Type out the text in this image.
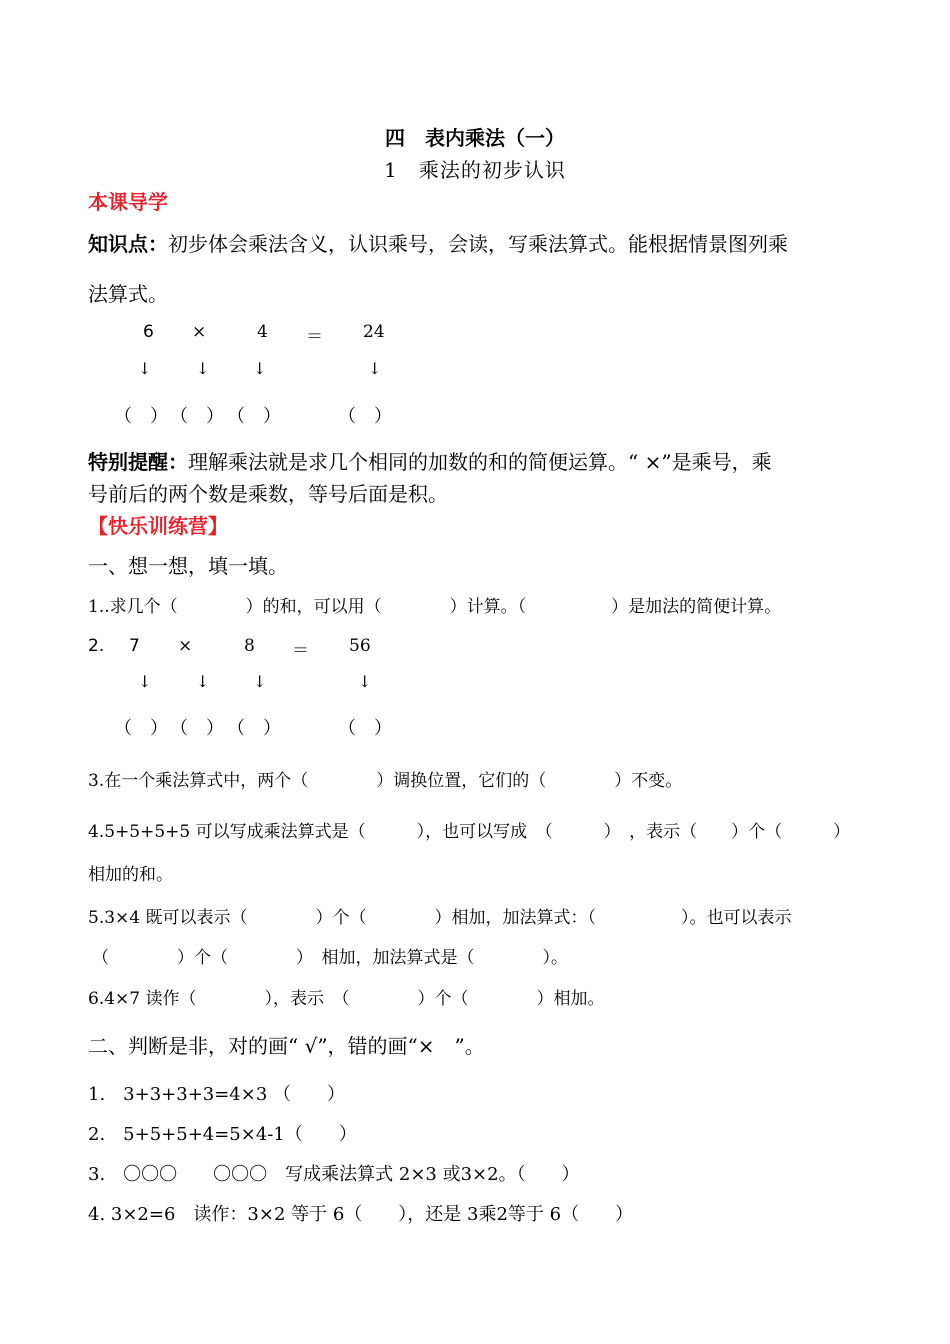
四　表内乘法（一）
1　乘法的初步认识
本课导学
知识点：初步体会乘法含义，认识乘号，会读，写乘法算式。能根据情景图列乘
法算式。
6 ×	4 ＝ 24
↓	↓	↓	↓
（　） （　） （　）	（　）
特别提醒：理解乘法就是求几个相同的加数的和的简便运算。“ ×”是乘号，乘
号前后的两个数是乘数，等号后面是积。
【快乐训练营】
一、想一想，填一填。
1..求几个（　　　　）的和，可以用（　　　　）计算。（　　　　　）是加法的简便计算。
2. 7 ×	8 ＝ 56
↓	↓	↓	↓
（　） （　） （　）	（　）
3.在一个乘法算式中，两个（　　　　）调换位置，它们的（　　　　）不变。
4.5+5+5+5 可以写成乘法算式是（　　　），也可以写成　（　　　）　，表示（　　）个（　　　）
相加的和。
5.3×4 既可以表示（　　　　）个（　　　　）相加，加法算式：（　　　　　）。也可以表示
（　　　　）个（　　　　）　相加，加法算式是（　　　　）。
6.4×7 读作（　　　　），表示　（　　　　）个（　　　　）相加。
二、判断是非，对的画“ √”，错的画“×　”。
1.　3+3+3+3=4×3 （　　）
2.　5+5+5+4=5×4-1（　　）
3.　〇〇〇　　〇〇〇　写成乘法算式 2×3 或3×2。（　　）
4. 3×2=6　读作：3×2 等于 6（　　），还是 3乘2等于 6（　　）
